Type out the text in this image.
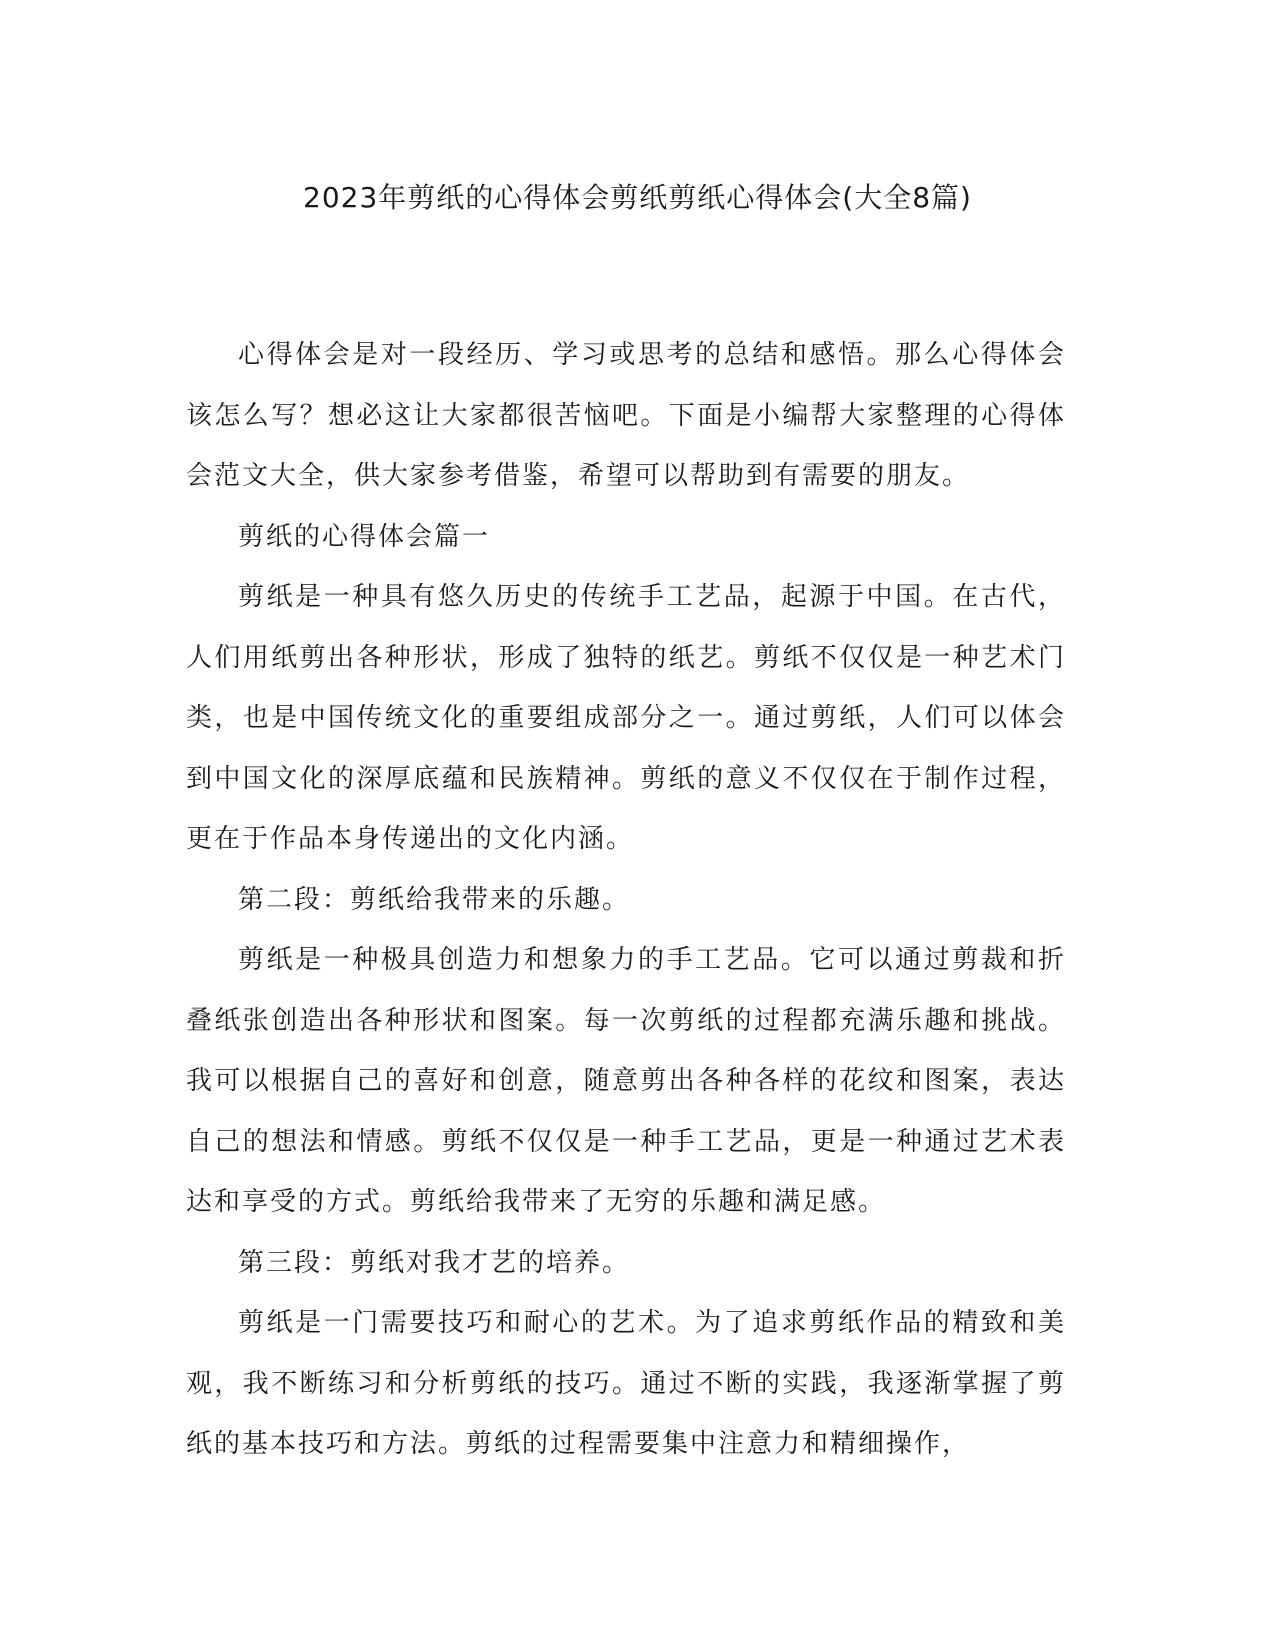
2023年剪纸的心得体会剪纸剪纸心得体会(大全8篇)

心得体会是对一段经历、学习或思考的总结和感悟。那么心得体会该怎么写？想必这让大家都很苦恼吧。下面是小编帮大家整理的心得体会范文大全，供大家参考借鉴，希望可以帮助到有需要的朋友。

剪纸的心得体会篇一

剪纸是一种具有悠久历史的传统手工艺品，起源于中国。在古代，人们用纸剪出各种形状，形成了独特的纸艺。剪纸不仅仅是一种艺术门类，也是中国传统文化的重要组成部分之一。通过剪纸，人们可以体会到中国文化的深厚底蕴和民族精神。剪纸的意义不仅仅在于制作过程，更在于作品本身传递出的文化内涵。

第二段：剪纸给我带来的乐趣。

剪纸是一种极具创造力和想象力的手工艺品。它可以通过剪裁和折叠纸张创造出各种形状和图案。每一次剪纸的过程都充满乐趣和挑战。我可以根据自己的喜好和创意，随意剪出各种各样的花纹和图案，表达自己的想法和情感。剪纸不仅仅是一种手工艺品，更是一种通过艺术表达和享受的方式。剪纸给我带来了无穷的乐趣和满足感。

第三段：剪纸对我才艺的培养。

剪纸是一门需要技巧和耐心的艺术。为了追求剪纸作品的精致和美观，我不断练习和分析剪纸的技巧。通过不断的实践，我逐渐掌握了剪纸的基本技巧和方法。剪纸的过程需要集中注意力和精细操作，
